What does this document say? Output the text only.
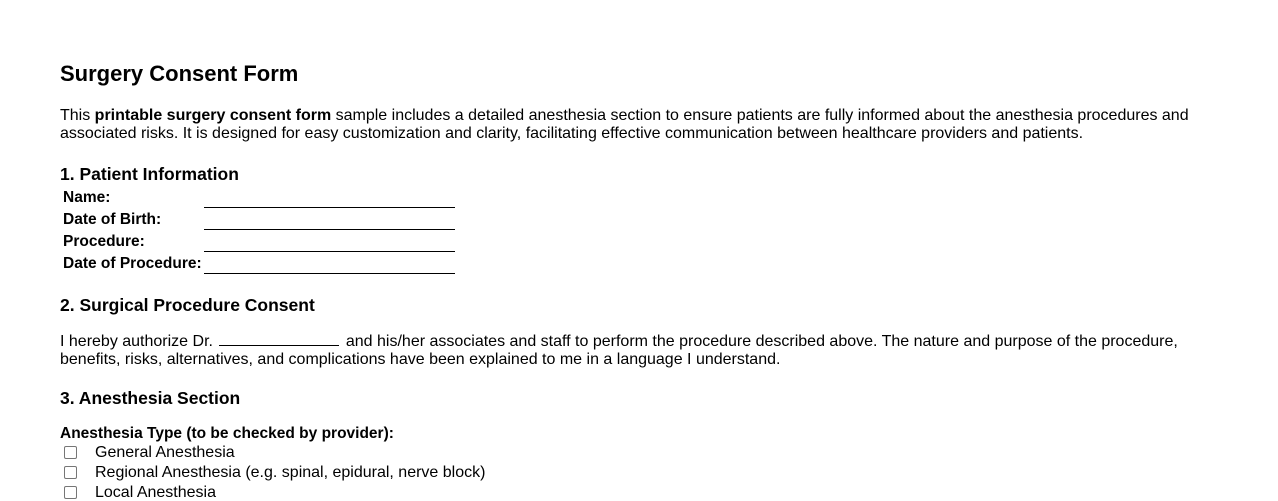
Surgery Consent Form

This printable surgery consent form sample includes a detailed anesthesia section to ensure patients are fully informed about the anesthesia procedures and associated risks. It is designed for easy customization and clarity, facilitating effective communication between healthcare providers and patients.

1. Patient Information
Name:	
Date of Birth:	
Procedure:	
Date of Procedure:	
2. Surgical Procedure Consent

I hereby authorize Dr.	and his/her associates and staff to perform the procedure described above. The nature and purpose of the procedure, benefits, risks, alternatives, and complications have been explained to me in a language I understand.

3. Anesthesia Section

Anesthesia Type (to be checked by provider):

General Anesthesia
Regional Anesthesia (e.g. spinal, epidural, nerve block)
Local Anesthesia
